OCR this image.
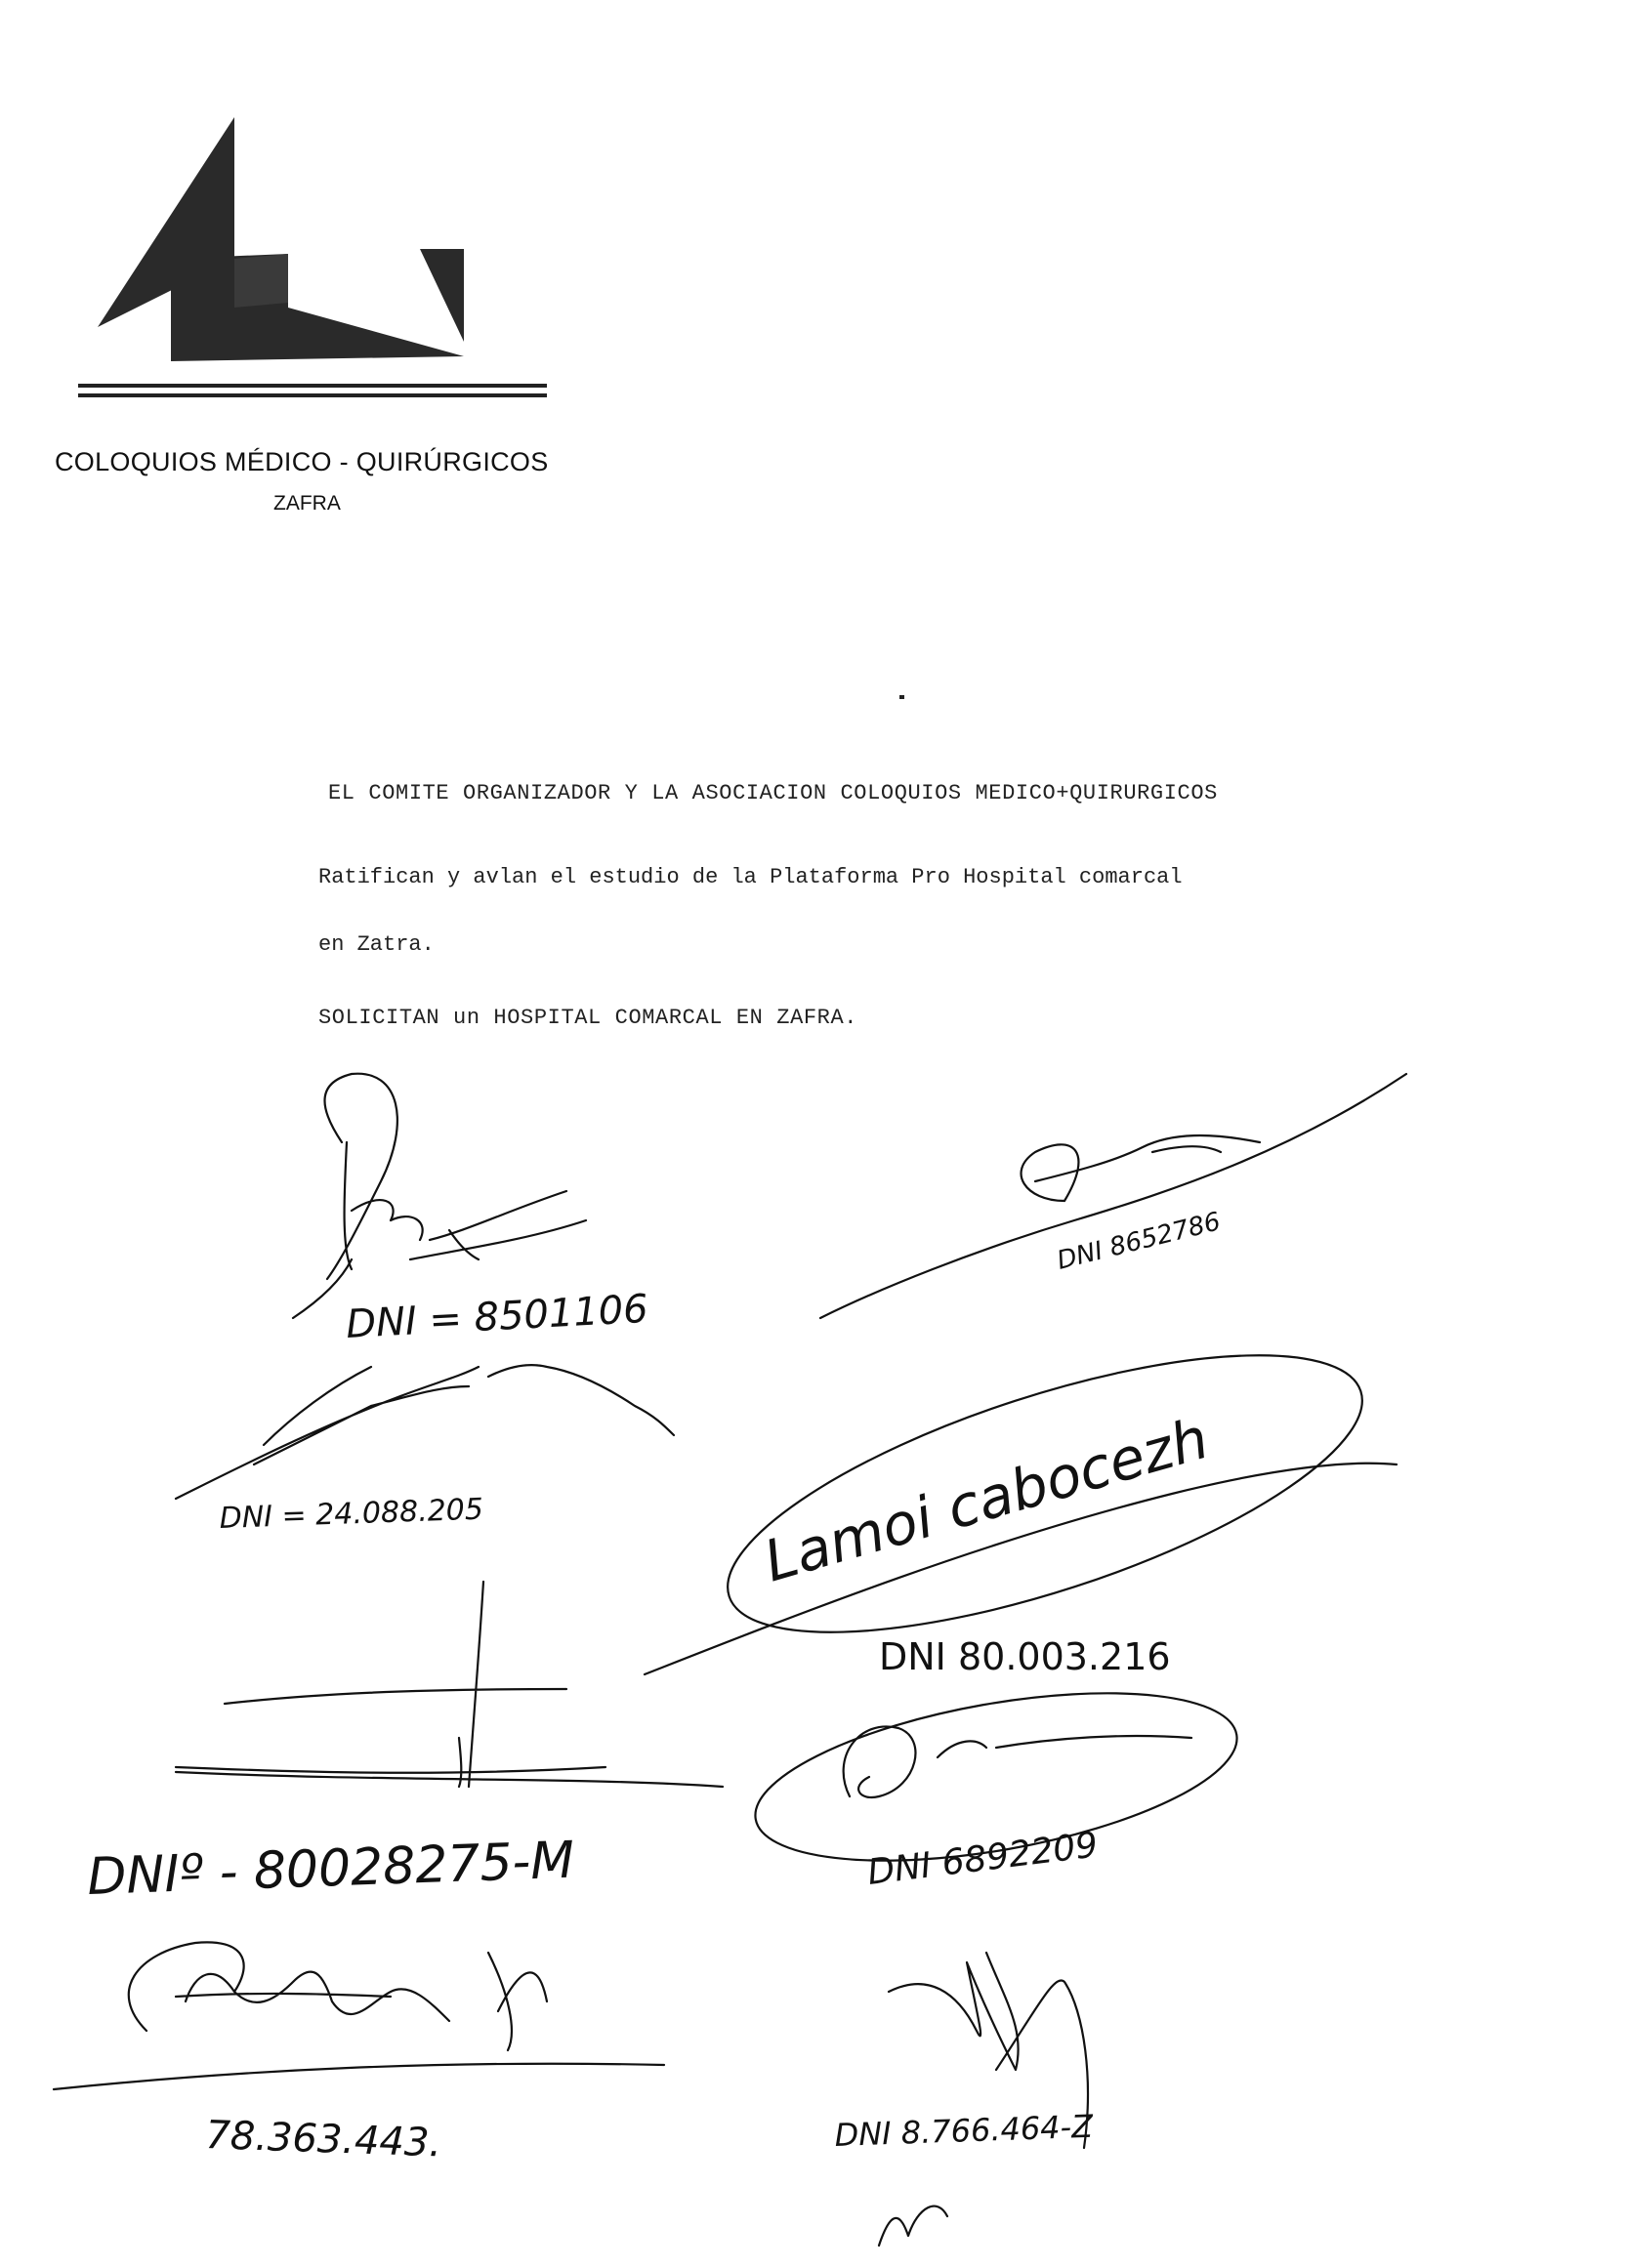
COLOQUIOS MÉDICO - QUIRÚRGICOS
ZAFRA
EL COMITE ORGANIZADOR Y LA ASOCIACION COLOQUIOS MEDICO+QUIRURGICOS
Ratifican y avlan el estudio de la Plataforma Pro Hospital comarcal
en Zatra.
SOLICITAN un HOSPITAL COMARCAL EN ZAFRA.
DNI = 8501106
DNI 8652786
DNI = 24.088.205	Lamoi cabocezh
DNI 80.003.216
DNIº - 80028275-M	DNI 6892209
78.363.443.	DNI 8.766.464-Z
